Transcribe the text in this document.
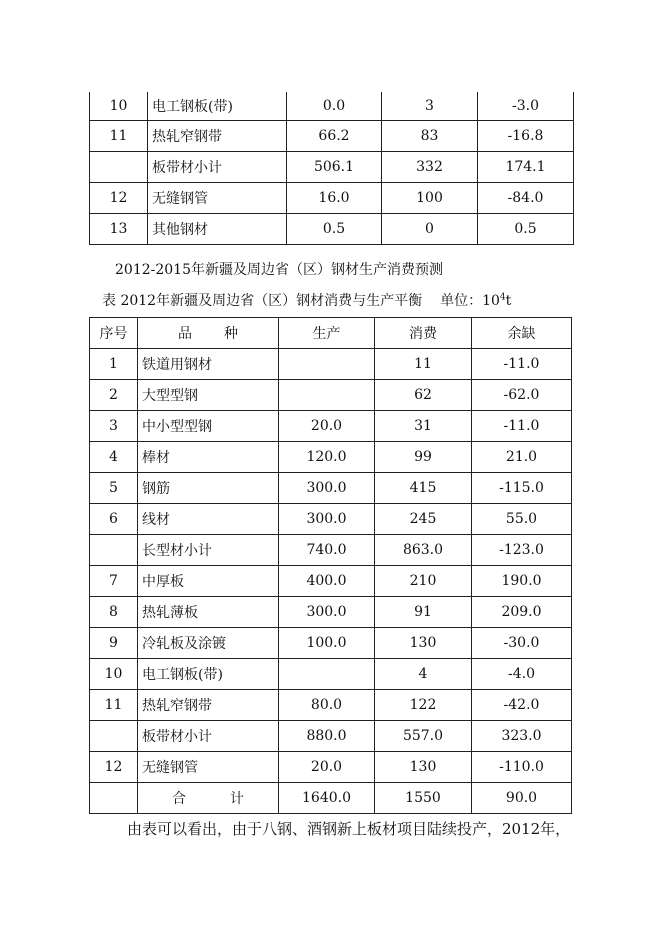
10	电工钢板(带)	0.0	3	-3.0
11	热轧窄钢带	66.2	83	-16.8
	板带材小计	506.1	332	174.1
12	无缝钢管	16.0	100	-84.0
13	其他钢材	0.5	0	0.5
2012-2015年新疆及周边省（区）钢材生产消费预测
表 2012年新疆及周边省（区）钢材消费与生产平衡 单位：$10^4t$
序号	品 种	生产	消费	余缺
1	铁道用钢材		11	-11.0
2	大型型钢		62	-62.0
3	中小型型钢	20.0	31	-11.0
4	棒材	120.0	99	21.0
5	钢筋	300.0	415	-115.0
6	线材	300.0	245	55.0
	长型材小计	740.0	863.0	-123.0
7	中厚板	400.0	210	190.0
8	热轧薄板	300.0	91	209.0
9	冷轧板及涂镀	100.0	130	-30.0
10	电工钢板(带)		4	-4.0
11	热轧窄钢带	80.0	122	-42.0
	板带材小计	880.0	557.0	323.0
12	无缝钢管	20.0	130	-110.0
	合 计	1640.0	1550	90.0
由表可以看出，由于八钢、酒钢新上板材项目陆续投产，2012年，
